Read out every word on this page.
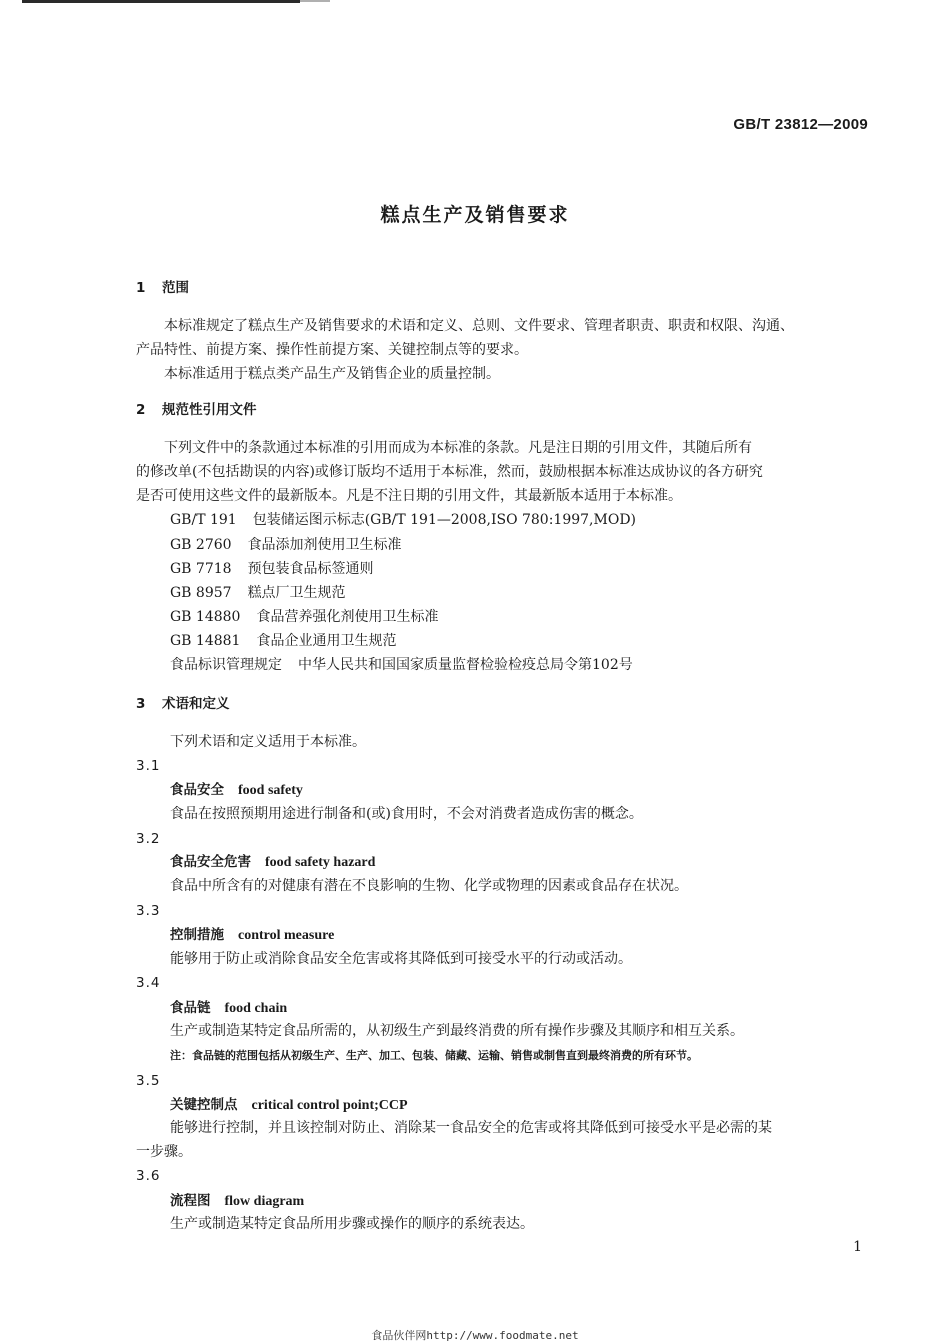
GB/T 23812—2009
糕点生产及销售要求
1 范围
本标准规定了糕点生产及销售要求的术语和定义、总则、文件要求、管理者职责、职责和权限、沟通、
产品特性、前提方案、操作性前提方案、关键控制点等的要求。
本标准适用于糕点类产品生产及销售企业的质量控制。
2 规范性引用文件
下列文件中的条款通过本标准的引用而成为本标准的条款。凡是注日期的引用文件，其随后所有
的修改单(不包括勘误的内容)或修订版均不适用于本标准，然而，鼓励根据本标准达成协议的各方研究
是否可使用这些文件的最新版本。凡是不注日期的引用文件，其最新版本适用于本标准。
GB/T 191 包装储运图示标志(GB/T 191—2008,ISO 780:1997,MOD)
GB 2760 食品添加剂使用卫生标准
GB 7718 预包装食品标签通则
GB 8957 糕点厂卫生规范
GB 14880 食品营养强化剂使用卫生标准
GB 14881 食品企业通用卫生规范
食品标识管理规定 中华人民共和国国家质量监督检验检疫总局令第102号
3 术语和定义
下列术语和定义适用于本标准。
3.1
食品安全 food safety
食品在按照预期用途进行制备和(或)食用时，不会对消费者造成伤害的概念。
3.2
食品安全危害 food safety hazard
食品中所含有的对健康有潜在不良影响的生物、化学或物理的因素或食品存在状况。
3.3
控制措施 control measure
能够用于防止或消除食品安全危害或将其降低到可接受水平的行动或活动。
3.4
食品链 food chain
生产或制造某特定食品所需的，从初级生产到最终消费的所有操作步骤及其顺序和相互关系。
注：食品链的范围包括从初级生产、生产、加工、包装、储藏、运输、销售或制售直到最终消费的所有环节。
3.5
关键控制点 critical control point;CCP
能够进行控制，并且该控制对防止、消除某一食品安全的危害或将其降低到可接受水平是必需的某
一步骤。
3.6
流程图 flow diagram
生产或制造某特定食品所用步骤或操作的顺序的系统表达。
1
食品伙伴网http://www.foodmate.net
